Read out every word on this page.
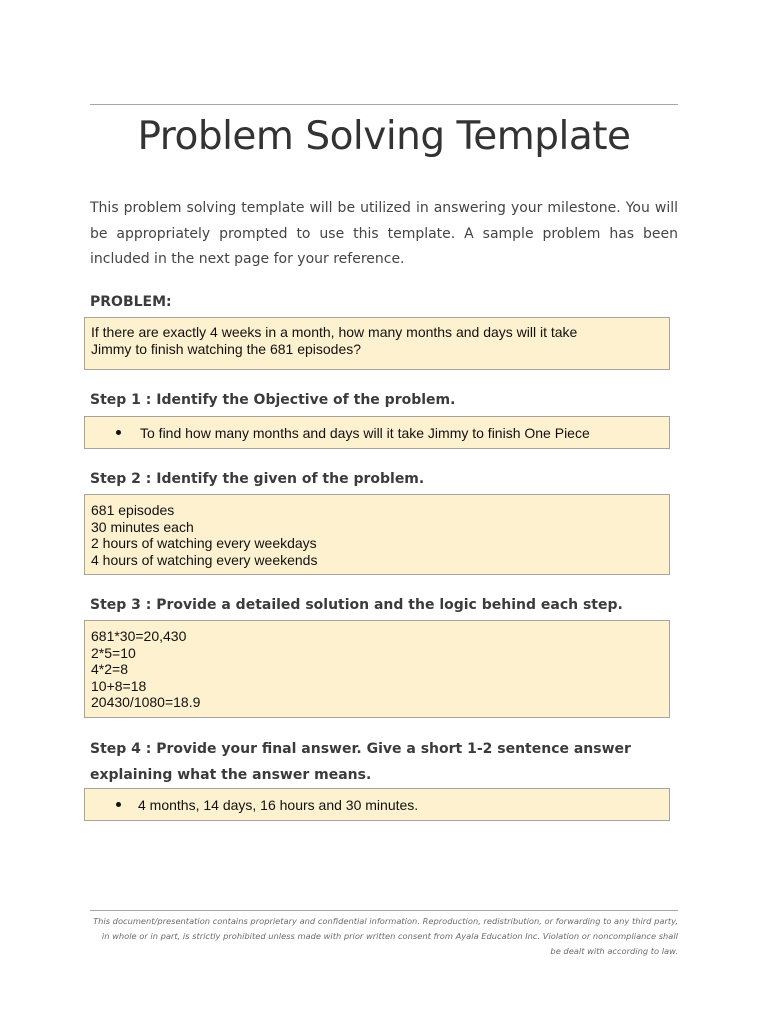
Problem Solving Template

This problem solving template will be utilized in answering your milestone. You will be appropriately prompted to use this template. A sample problem has been included in the next page for your reference.

PROBLEM:

If there are exactly 4 weeks in a month, how many months and days will it take
Jimmy to finish watching the 681 episodes?

Step 1 : Identify the Objective of the problem.

To find how many months and days will it take Jimmy to finish One Piece

Step 2 : Identify the given of the problem.

681 episodes
30 minutes each
2 hours of watching every weekdays
4 hours of watching every weekends

Step 3 : Provide a detailed solution and the logic behind each step.

681*30=20,430
2*5=10
4*2=8
10+8=18
20430/1080=18.9

Step 4 : Provide your final answer. Give a short 1-2 sentence answer explaining what the answer means.

4 months, 14 days, 16 hours and 30 minutes.

This document/presentation contains proprietary and confidential information. Reproduction, redistribution, or forwarding to any third party, in whole or in part, is strictly prohibited unless made with prior written consent from Ayala Education Inc. Violation or noncompliance shall be dealt with according to law.
